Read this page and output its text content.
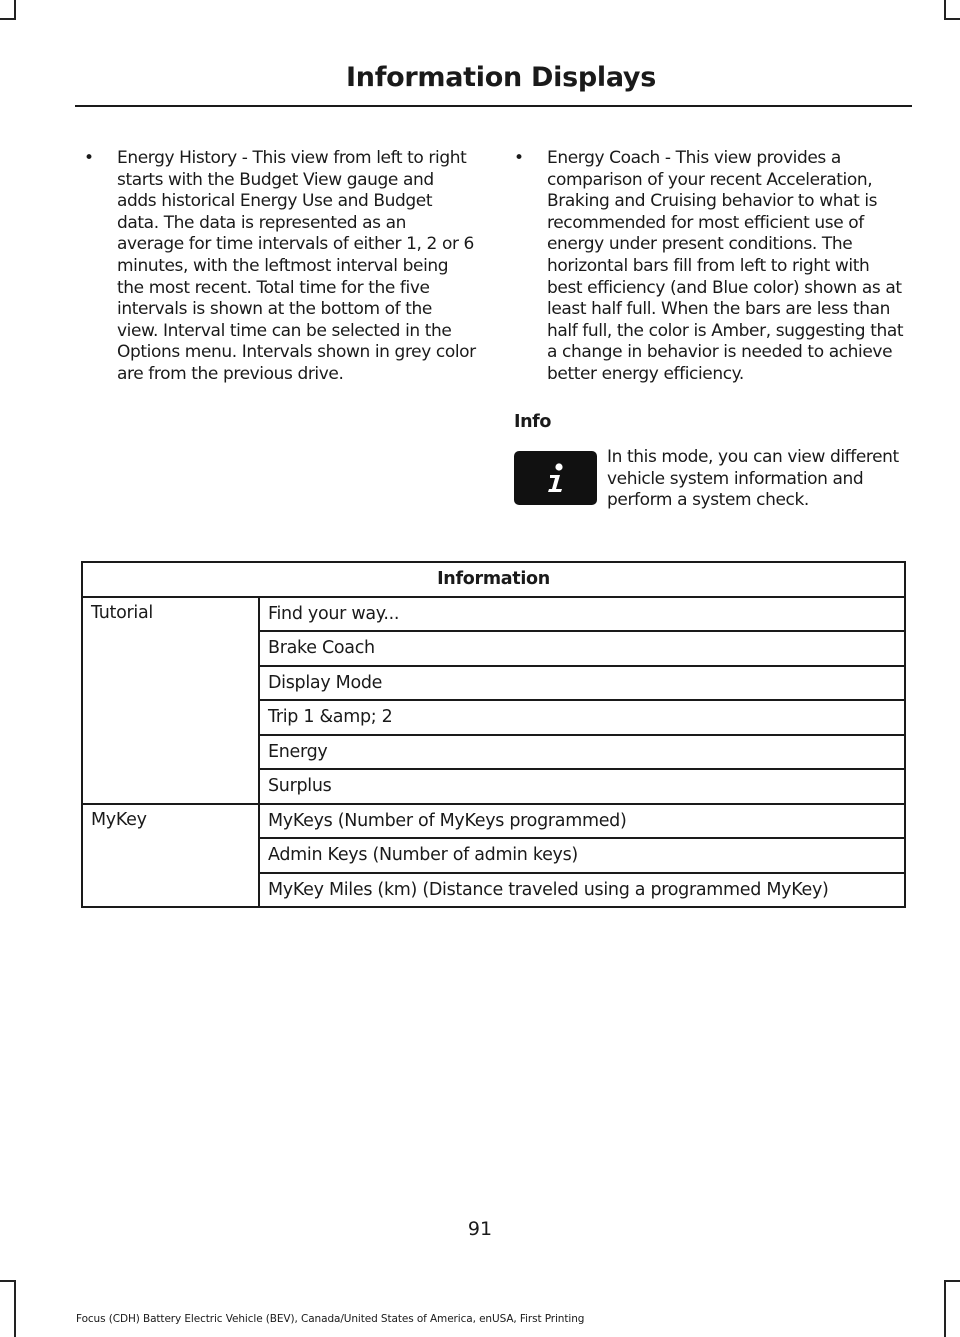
Information Displays

• Energy History - This view from left to right starts with the Budget View gauge and adds historical Energy Use and Budget data. The data is represented as an average for time intervals of either 1, 2 or 6 minutes, with the leftmost interval being the most recent. Total time for the five intervals is shown at the bottom of the view. Interval time can be selected in the Options menu. Intervals shown in grey color are from the previous drive.

• Energy Coach - This view provides a comparison of your recent Acceleration, Braking and Cruising behavior to what is recommended for most efficient use of energy under present conditions. The horizontal bars fill from left to right with best efficiency (and Blue color) shown as at least half full. When the bars are less than half full, the color is Amber, suggesting that a change in behavior is needed to achieve better energy efficiency.

Info

In this mode, you can view different vehicle system information and perform a system check.

Information	
Tutorial	Find your way...
	Brake Coach
	Display Mode
	Trip 1 &amp; 2
	Energy
	Surplus
MyKey	MyKeys (Number of MyKeys programmed)
	Admin Keys (Number of admin keys)
	MyKey Miles (km) (Distance traveled using a programmed MyKey)
91
Focus (CDH) Battery Electric Vehicle (BEV), Canada/United States of America, enUSA, First Printing
